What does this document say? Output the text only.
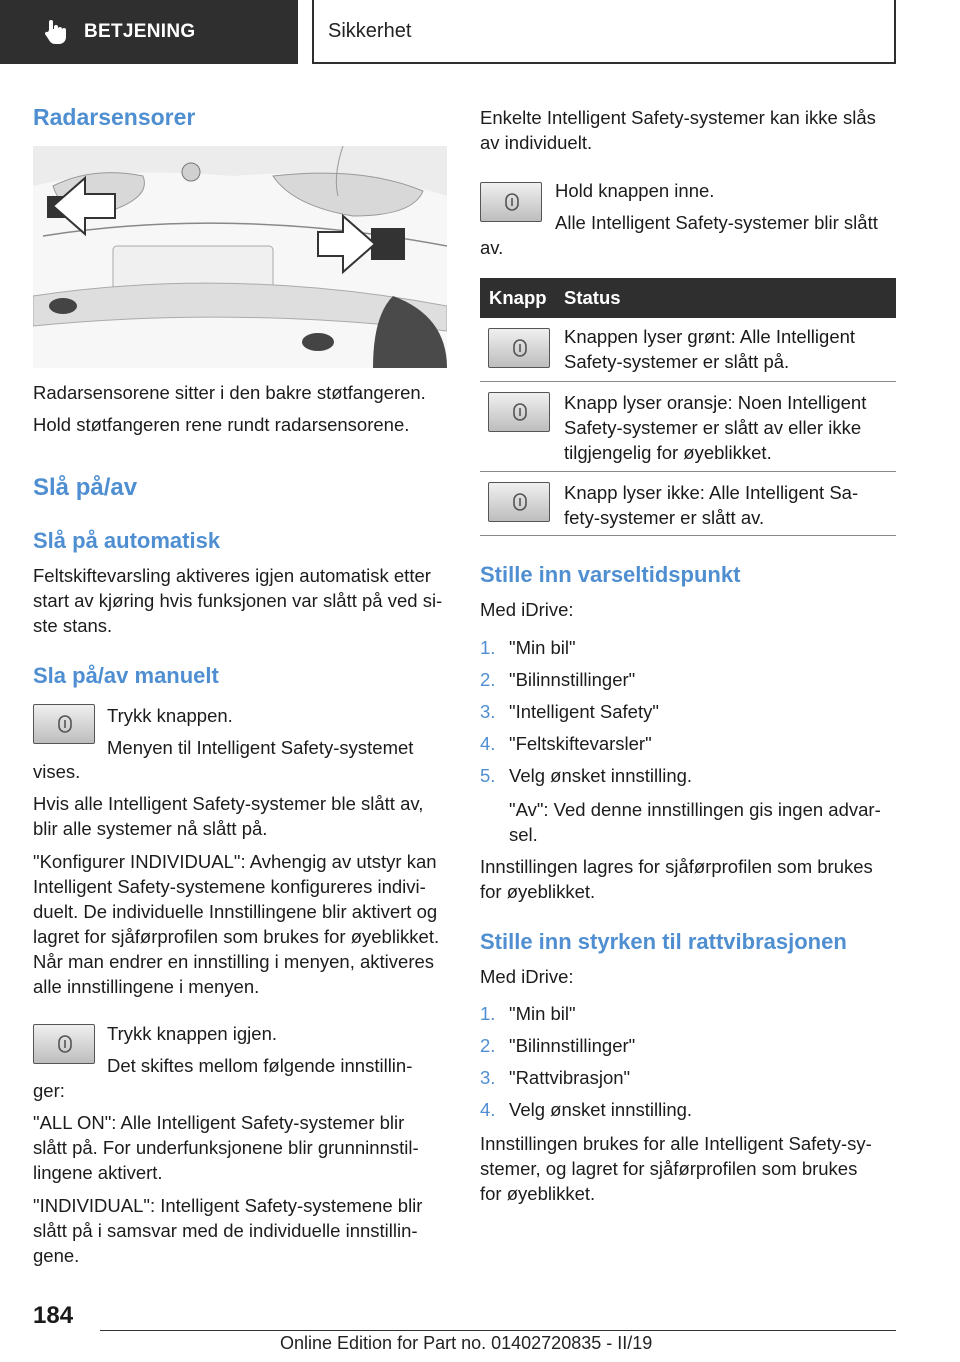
BETJENING	Sikkerhet
Radarsensorer
Radarsensorene sitter i den bakre støtfangeren.
Hold støtfangeren rene rundt radarsensorene.
Slå på/av
Slå på automatisk
Feltskiftevarsling aktiveres igjen automatisk etter
start av kjøring hvis funksjonen var slått på ved si-
ste stans.
Sla på/av manuelt
Trykk knappen.
Menyen til Intelligent Safety-systemet
vises.
Hvis alle Intelligent Safety-systemer ble slått av,
blir alle systemer nå slått på.
"Konfigurer INDIVIDUAL": Avhengig av utstyr kan
Intelligent Safety-systemene konfigureres indivi-
duelt. De individuelle Innstillingene blir aktivert og
lagret for sjåførprofilen som brukes for øyeblikket.
Når man endrer en innstilling i menyen, aktiveres
alle innstillingene i menyen.
Trykk knappen igjen.
Det skiftes mellom følgende innstillin-
ger:
"ALL ON": Alle Intelligent Safety-systemer blir
slått på. For underfunksjonene blir grunninnstil-
lingene aktivert.
"INDIVIDUAL": Intelligent Safety-systemene blir
slått på i samsvar med de individuelle innstillin-
gene.
Enkelte Intelligent Safety-systemer kan ikke slås
av individuelt.
Hold knappen inne.
Alle Intelligent Safety-systemer blir slått
av.
Knapp Status
Knappen lyser grønt: Alle Intelligent
Safety-systemer er slått på.
Knapp lyser oransje: Noen Intelligent
Safety-systemer er slått av eller ikke
tilgjengelig for øyeblikket.
Knapp lyser ikke: Alle Intelligent Sa-
fety-systemer er slått av.
Stille inn varseltidspunkt
Med iDrive:
1. "Min bil"
2. "Bilinnstillinger"
3. "Intelligent Safety"
4. "Feltskiftevarsler"
5. Velg ønsket innstilling.
"Av": Ved denne innstillingen gis ingen advar-
sel.
Innstillingen lagres for sjåførprofilen som brukes
for øyeblikket.
Stille inn styrken til rattvibrasjonen
Med iDrive:
1. "Min bil"
2. "Bilinnstillinger"
3. "Rattvibrasjon"
4. Velg ønsket innstilling.
Innstillingen brukes for alle Intelligent Safety-sy-
stemer, og lagret for sjåførprofilen som brukes
for øyeblikket.
184
Online Edition for Part no. 01402720835 - II/19
